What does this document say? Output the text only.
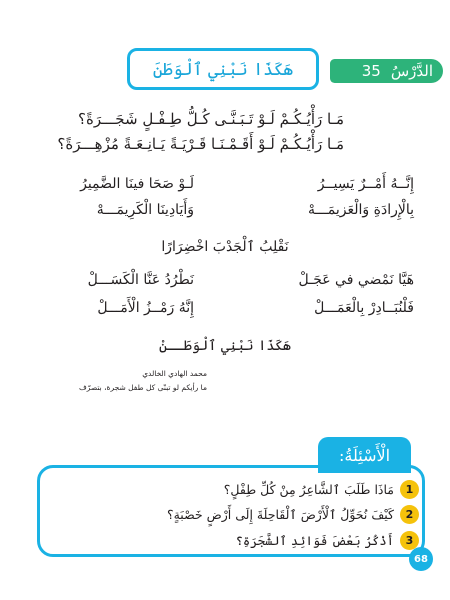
الدَّرْسُ
35
هَكَذَا نَبْنِي ٱلْوَطَنَ
مَـا رَأْيُـكُـمْ لَـوْ تَـبَـنَّـى كُـلُّ طِـفْـلٍ شَجَـــرَةً؟
مَـا رَأْيُـكُـمْ لَـوْ أَقَـمْـنَـا قَـرْيَـةً يَـانِـعَـةً مُزْهِـــرَةً؟
إِنَّــهُ أَمْــرٌ يَسِيــرُ
لَـوْ صَحَا فينَا الضَّمِيرُ
بِالْإِرادَةِ وَالْعَزيمَـــهْ
وَأَيَادِينَا الْكَرِيمَـــهْ
نَقْلِبُ ٱلْجَدْبَ اخْضِرَارًا
هَيَّا نَمْضي في عَجَـلْ
نَطْرُدُ عَنَّا الْكَسَـــلْ
فَلْنُبَــادِرْ بِالْعَمَـــلْ
إِنَّهُ رَمْــزُ الْأَمَـــلْ
هَكَذَا نَبْنِي ٱلْوَطَــنْ
محمد الهادي الخالدي
ما رأيكم لو تبنّى كل طفل شجرة، بتصرّف
الْأَسْئِلَةُ:
1
مَاذَا طَلَبَ ٱلشَّاعِرُ مِنْ كُلِّ طِفْلٍ؟
2
كَيْفَ نُحَوِّلُ ٱلْأَرْضَ ٱلْقَاحِلَةَ إِلَى أَرْضٍ خَصْبَةٍ؟
3
أَذْكُرُ بَعْضَ فَوَائِدِ ٱلشَّجَرَةِ؟
68
